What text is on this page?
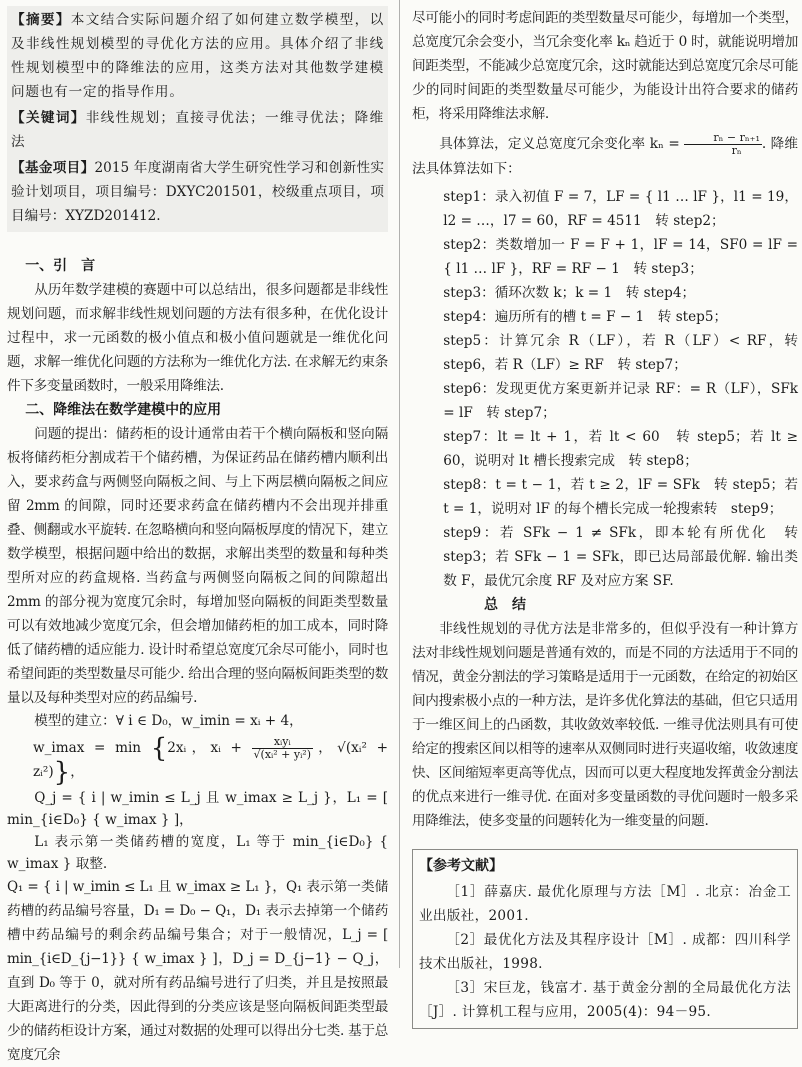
【摘要】本文结合实际问题介绍了如何建立数学模型，以及非线性规划模型的寻优化方法的应用。具体介绍了非线性规划模型中的降维法的应用，这类方法对其他数学建模问题也有一定的指导作用。

【关键词】非线性规划；直接寻优法；一维寻优法；降维法

【基金项目】2015 年度湖南省大学生研究性学习和创新性实验计划项目，项目编号：DXYC201501，校级重点项目，项目编号：XYZD201412.

一、引　言

从历年数学建模的赛题中可以总结出，很多问题都是非线性规划问题，而求解非线性规划问题的方法有很多种，在优化设计过程中，求一元函数的极小值点和极小值问题就是一维优化问题，求解一维优化问题的方法称为一维优化方法. 在求解无约束条件下多变量函数时，一般采用降维法.

二、降维法在数学建模中的应用

问题的提出：储药柜的设计通常由若干个横向隔板和竖向隔板将储药柜分割成若干个储药槽，为保证药品在储药槽内顺利出入，要求药盒与两侧竖向隔板之间、与上下两层横向隔板之间应留 2mm 的间隙，同时还要求药盒在储药槽内不会出现并排重叠、侧翻或水平旋转. 在忽略横向和竖向隔板厚度的情况下，建立数学模型，根据问题中给出的数据，求解出类型的数量和每种类型所对应的药盒规格. 当药盒与两侧竖向隔板之间的间隙超出 2mm 的部分视为宽度冗余时，每增加竖向隔板的间距类型数量可以有效地减少宽度冗余，但会增加储药柜的加工成本，同时降低了储药槽的适应能力. 设计时希望总宽度冗余尽可能小，同时也希望间距的类型数量尽可能少. 给出合理的竖向隔板间距类型的数量以及每种类型对应的药品编号.

模型的建立：∀ i ∈ D₀，w_imin = xᵢ + 4，

w_imax = min {2xᵢ，xᵢ + $\frac{\text{xᵢyᵢ}}{\text{√(xᵢ² + yᵢ²)}}$ ，√(xᵢ² + zᵢ²)}，

Q_j = { i | w_imin ≤ L_j 且 w_imax ≥ L_j }，L₁ = [ min_{i∈D₀} { w_imax } ]，

L₁ 表示第一类储药槽的宽度，L₁ 等于 min_{i∈D₀} { w_imax } 取整.

Q₁ = { i | w_imin ≤ L₁ 且 w_imax ≥ L₁ }，Q₁ 表示第一类储药槽的药品编号容量，D₁ = D₀ − Q₁，D₁ 表示去掉第一个储药槽中药品编号的剩余药品编号集合；对于一般情况，L_j = [ min_{i∈D_{j−1}} { w_imax } ]，D_j = D_{j−1} − Q_j，直到 D₀ 等于 0，就对所有药品编号进行了归类，并且是按照最大距离进行的分类，因此得到的分类应该是竖向隔板间距类型最少的储药柜设计方案，通过对数据的处理可以得出分七类. 基于总宽度冗余

尽可能小的同时考虑间距的类型数量尽可能少，每增加一个类型，总宽度冗余会变小，当冗余变化率 kₙ 趋近于 0 时，就能说明增加间距类型，不能减少总宽度冗余，这时就能达到总宽度冗余尽可能少的同时间距的类型数量尽可能少，为能设计出符合要求的储药柜，将采用降维法求解.

具体算法，定义总宽度冗余变化率 $k_n = \frac{\text{rₙ − rₙ₊₁}}{\text{rₙ}}$ . 降维法具体算法如下：

step1：录入初值 F = 7，LF = { l1 … lF }，l1 = 19，l2 = …，l7 = 60，RF = 4511　转 step2；

step2：类数增加一 F = F + 1，lF = 14，SF0 = lF = { l1 … lF }，RF = RF − 1　转 step3；

step3：循环次数 k；k = 1　转 step4；

step4：遍历所有的槽 t = F − 1　转 step5；

step5：计算冗余 R（LF），若 R（LF）< RF，转 step6，若 R（LF）≥ RF　转 step7；

step6：发现更优方案更新并记录 RF：= R（LF），SFk = lF　转 step7；

step7：lt = lt + 1，若 lt < 60　转 step5；若 lt ≥ 60，说明对 lt 槽长搜索完成　转 step8；

step8：t = t − 1，若 t ≥ 2，lF = SFk　转 step5；若 t = 1，说明对 lF 的每个槽长完成一轮搜索转　step9；

step9：若 SFk − 1 ≠ SFk，即本轮有所优化　转 step3；若 SFk − 1 = SFk，即已达局部最优解. 输出类数 F，最优冗余度 RF 及对应方案 SF.

总　结

非线性规划的寻优方法是非常多的，但似乎没有一种计算方法对非线性规划问题是普通有效的，而是不同的方法适用于不同的情况，黄金分割法的学习策略是适用于一元函数，在给定的初始区间内搜索极小点的一种方法，是许多优化算法的基础，但它只适用于一维区间上的凸函数，其收敛效率较低. 一维寻优法则具有可使给定的搜索区间以相等的速率从双侧同时进行夹逼收缩，收敛速度快、区间缩短率更高等优点，因而可以更大程度地发挥黄金分割法的优点来进行一维寻优. 在面对多变量函数的寻优问题时一般多采用降维法，使多变量的问题转化为一维变量的问题.

【参考文献】

［1］薛嘉庆. 最优化原理与方法［M］. 北京：冶金工业出版社，2001.

［2］最优化方法及其程序设计［M］. 成都：四川科学技术出版社，1998.

［3］宋巨龙，钱富才. 基于黄金分割的全局最优化方法［J］. 计算机工程与应用，2005(4)：94－95.
